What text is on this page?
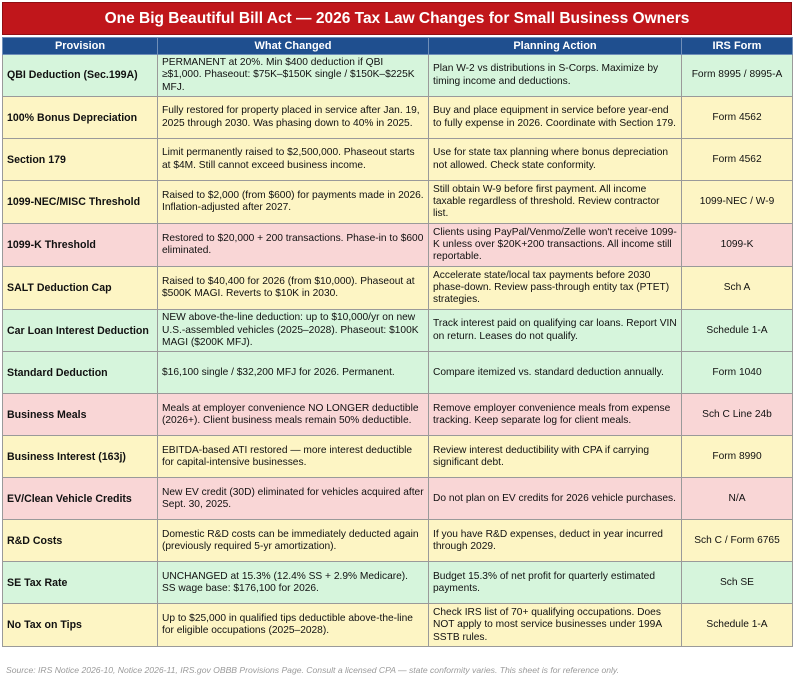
One Big Beautiful Bill Act — 2026 Tax Law Changes for Small Business Owners
Provision	What Changed	Planning Action	IRS Form
QBI Deduction (Sec.199A)	PERMANENT at 20%. Min $400 deduction if QBI ≥$1,000. Phaseout: $75K–$150K single / $150K–$225K MFJ.	Plan W-2 vs distributions in S-Corps. Maximize by timing income and deductions.	Form 8995 / 8995-A
100% Bonus Depreciation	Fully restored for property placed in service after Jan. 19, 2025 through 2030. Was phasing down to 40% in 2025.	Buy and place equipment in service before year-end to fully expense in 2026. Coordinate with Section 179.	Form 4562
Section 179	Limit permanently raised to $2,500,000. Phaseout starts at $4M. Still cannot exceed business income.	Use for state tax planning where bonus depreciation not allowed. Check state conformity.	Form 4562
1099-NEC/MISC Threshold	Raised to $2,000 (from $600) for payments made in 2026. Inflation-adjusted after 2027.	Still obtain W-9 before first payment. All income taxable regardless of threshold. Review contractor list.	1099-NEC / W-9
1099-K Threshold	Restored to $20,000 + 200 transactions. Phase-in to $600 eliminated.	Clients using PayPal/Venmo/Zelle won't receive 1099-K unless over $20K+200 transactions. All income still reportable.	1099-K
SALT Deduction Cap	Raised to $40,400 for 2026 (from $10,000). Phaseout at $500K MAGI. Reverts to $10K in 2030.	Accelerate state/local tax payments before 2030 phase-down. Review pass-through entity tax (PTET) strategies.	Sch A
Car Loan Interest Deduction	NEW above-the-line deduction: up to $10,000/yr on new U.S.-assembled vehicles (2025–2028). Phaseout: $100K MAGI ($200K MFJ).	Track interest paid on qualifying car loans. Report VIN on return. Leases do not qualify.	Schedule 1-A
Standard Deduction	$16,100 single / $32,200 MFJ for 2026. Permanent.	Compare itemized vs. standard deduction annually.	Form 1040
Business Meals	Meals at employer convenience NO LONGER deductible (2026+). Client business meals remain 50% deductible.	Remove employer convenience meals from expense tracking. Keep separate log for client meals.	Sch C Line 24b
Business Interest (163j)	EBITDA-based ATI restored — more interest deductible for capital-intensive businesses.	Review interest deductibility with CPA if carrying significant debt.	Form 8990
EV/Clean Vehicle Credits	New EV credit (30D) eliminated for vehicles acquired after Sept. 30, 2025.	Do not plan on EV credits for 2026 vehicle purchases.	N/A
R&D Costs	Domestic R&D costs can be immediately deducted again (previously required 5-yr amortization).	If you have R&D expenses, deduct in year incurred through 2029.	Sch C / Form 6765
SE Tax Rate	UNCHANGED at 15.3% (12.4% SS + 2.9% Medicare). SS wage base: $176,100 for 2026.	Budget 15.3% of net profit for quarterly estimated payments.	Sch SE
No Tax on Tips	Up to $25,000 in qualified tips deductible above-the-line for eligible occupations (2025–2028).	Check IRS list of 70+ qualifying occupations. Does NOT apply to most service businesses under 199A SSTB rules.	Schedule 1-A
Source: IRS Notice 2026-10, Notice 2026-11, IRS.gov OBBB Provisions Page. Consult a licensed CPA — state conformity varies. This sheet is for reference only.
